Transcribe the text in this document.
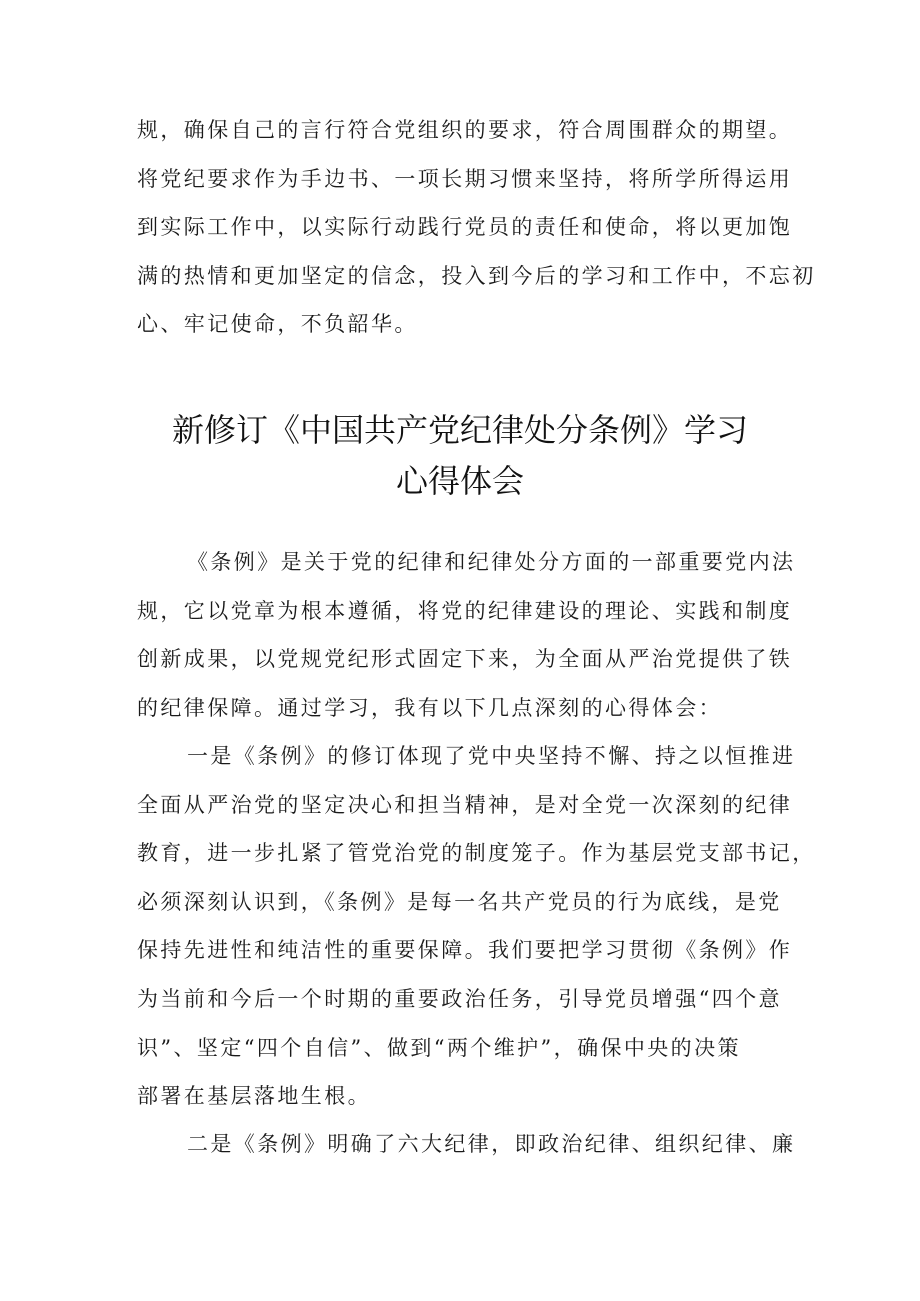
规，确保自己的言行符合党组织的要求，符合周围群众的期望。
将党纪要求作为手边书、一项长期习惯来坚持，将所学所得运用
到实际工作中，以实际行动践行党员的责任和使命，将以更加饱
满的热情和更加坚定的信念，投入到今后的学习和工作中，不忘初
心、牢记使命，不负韶华。
新修订《中国共产党纪律处分条例》学习
心得体会
《条例》是关于党的纪律和纪律处分方面的一部重要党内法
规，它以党章为根本遵循，将党的纪律建设的理论、实践和制度
创新成果，以党规党纪形式固定下来，为全面从严治党提供了铁
的纪律保障。通过学习，我有以下几点深刻的心得体会：
一是《条例》的修订体现了党中央坚持不懈、持之以恒推进
全面从严治党的坚定决心和担当精神，是对全党一次深刻的纪律
教育，进一步扎紧了管党治党的制度笼子。作为基层党支部书记，
必须深刻认识到，《条例》是每一名共产党员的行为底线，是党
保持先进性和纯洁性的重要保障。我们要把学习贯彻《条例》作
为当前和今后一个时期的重要政治任务，引导党员增强“四个意
识”、坚定“四个自信”、做到“两个维护”，确保中央的决策
部署在基层落地生根。
二是《条例》明确了六大纪律，即政治纪律、组织纪律、廉
